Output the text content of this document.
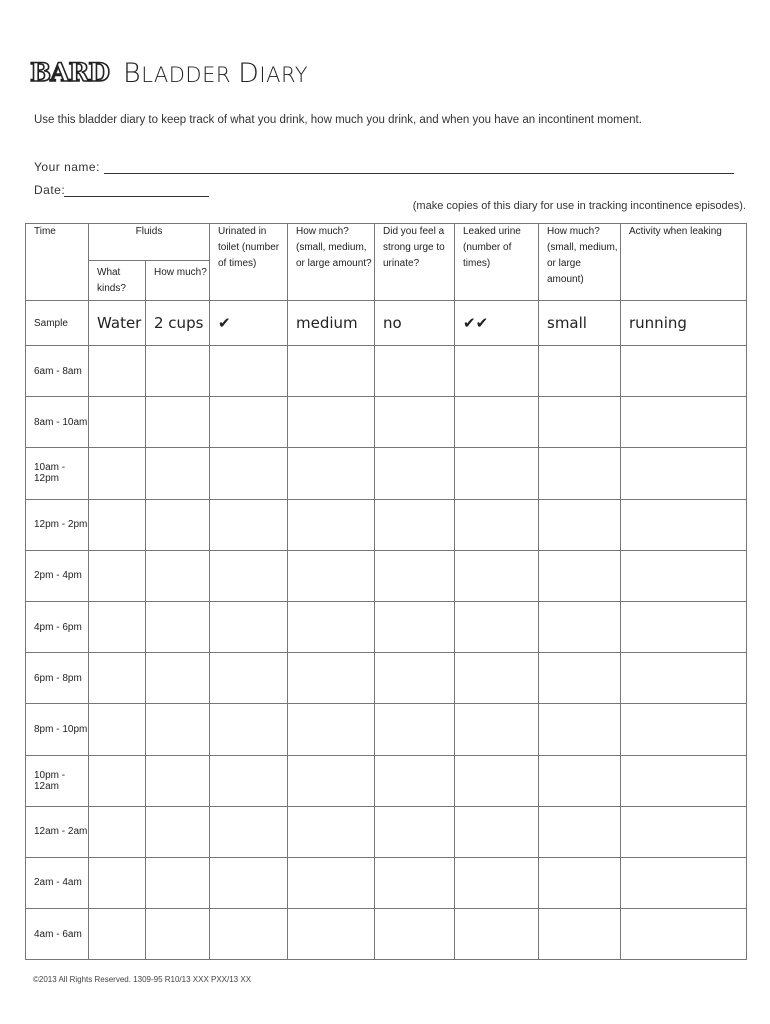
BARD BLADDER DIARY
Use this bladder diary to keep track of what you drink, how much you drink, and when you have an incontinent moment.
Your name:
Date:
(make copies of this diary for use in tracking incontinence episodes).
Time	Fluids		Urinated in toilet (number of times)	How much? (small, medium, or large amount?	Did you feel a strong urge to urinate?	Leaked urine (number of times)	How much? (small, medium, or large amount)	Activity when leaking
	What kinds?	How much?						
Sample	Water	2 cups	✔	medium	no	✔✔	small	running
6am - 8am								
8am - 10am								
10am - 12pm								
12pm - 2pm								
2pm - 4pm								
4pm - 6pm								
6pm - 8pm								
8pm - 10pm								
10pm - 12am								
12am - 2am								
2am - 4am								
4am - 6am								
©2013 All Rights Reserved. 1309-95 R10/13 XXX PXX/13 XX
